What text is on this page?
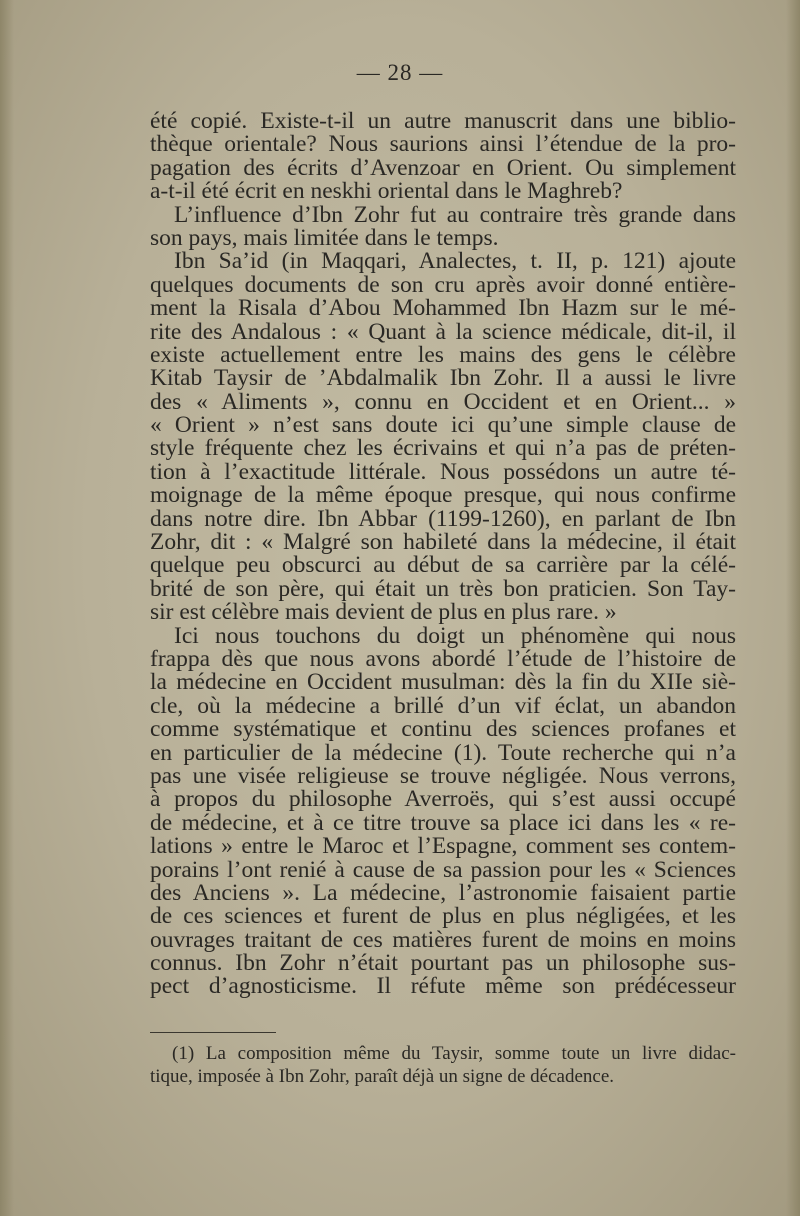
— 28 —
été copié. Existe-t-il un autre manuscrit dans une biblio-
thèque orientale? Nous saurions ainsi l’étendue de la pro-
pagation des écrits d’Avenzoar en Orient. Ou simplement
a-t-il été écrit en neskhi oriental dans le Maghreb?
L’influence d’Ibn Zohr fut au contraire très grande dans
son pays, mais limitée dans le temps.
Ibn Sa’id (in Maqqari, Analectes, t. II, p. 121) ajoute
quelques documents de son cru après avoir donné entière-
ment la Risala d’Abou Mohammed Ibn Hazm sur le mé-
rite des Andalous : « Quant à la science médicale, dit-il, il
existe actuellement entre les mains des gens le célèbre
Kitab Taysir de ’Abdalmalik Ibn Zohr. Il a aussi le livre
des « Aliments », connu en Occident et en Orient... »
« Orient » n’est sans doute ici qu’une simple clause de
style fréquente chez les écrivains et qui n’a pas de préten-
tion à l’exactitude littérale. Nous possédons un autre té-
moignage de la même époque presque, qui nous confirme
dans notre dire. Ibn Abbar (1199-1260), en parlant de Ibn
Zohr, dit : « Malgré son habileté dans la médecine, il était
quelque peu obscurci au début de sa carrière par la célé-
brité de son père, qui était un très bon praticien. Son Tay-
sir est célèbre mais devient de plus en plus rare. »
Ici nous touchons du doigt un phénomène qui nous
frappa dès que nous avons abordé l’étude de l’histoire de
la médecine en Occident musulman: dès la fin du XIIe siè-
cle, où la médecine a brillé d’un vif éclat, un abandon
comme systématique et continu des sciences profanes et
en particulier de la médecine (1). Toute recherche qui n’a
pas une visée religieuse se trouve négligée. Nous verrons,
à propos du philosophe Averroës, qui s’est aussi occupé
de médecine, et à ce titre trouve sa place ici dans les « re-
lations » entre le Maroc et l’Espagne, comment ses contem-
porains l’ont renié à cause de sa passion pour les « Sciences
des Anciens ». La médecine, l’astronomie faisaient partie
de ces sciences et furent de plus en plus négligées, et les
ouvrages traitant de ces matières furent de moins en moins
connus. Ibn Zohr n’était pourtant pas un philosophe sus-
pect d’agnosticisme. Il réfute même son prédécesseur
(1) La composition même du Taysir, somme toute un livre didac-
tique, imposée à Ibn Zohr, paraît déjà un signe de décadence.
